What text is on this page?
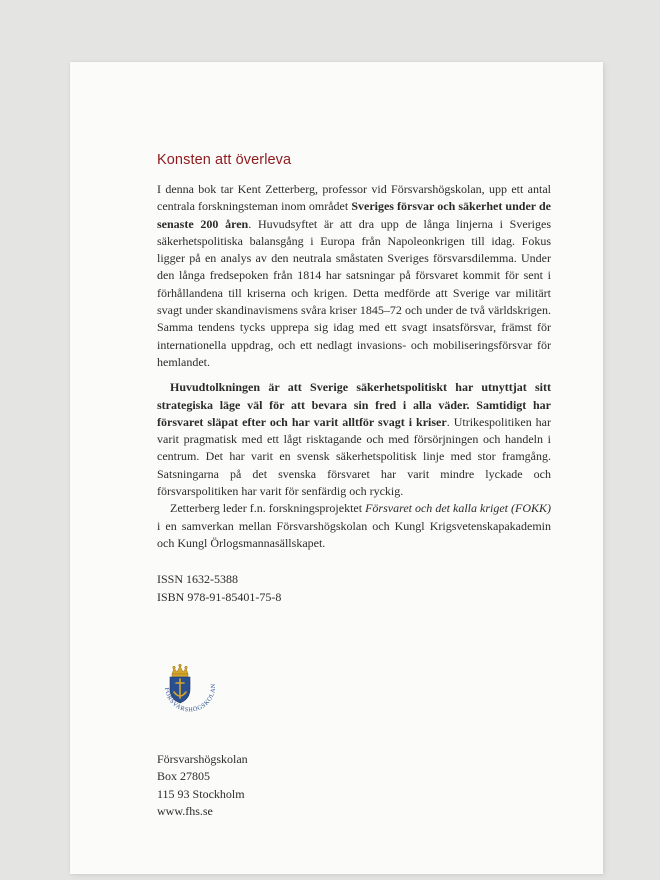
Konsten att överleva

I denna bok tar Kent Zetterberg, professor vid Försvarshögskolan, upp ett antal centrala forskningsteman inom området Sveriges försvar och säkerhet under de senaste 200 åren. Huvudsyftet är att dra upp de långa linjerna i Sveriges säkerhetspolitiska balansgång i Europa från Napoleonkrigen till idag. Fokus ligger på en analys av den neutrala småstaten Sveriges försvarsdilemma. Under den långa fredsepoken från 1814 har satsningar på försvaret kommit för sent i förhållandena till kriserna och krigen. Detta medförde att Sverige var militärt svagt under skandinavismens svåra kriser 1845–72 och under de två världskrigen. Samma tendens tycks upprepa sig idag med ett svagt insatsförsvar, främst för internationella uppdrag, och ett nedlagt invasions- och mobiliseringsförsvar för hemlandet.

Huvudtolkningen är att Sverige säkerhetspolitiskt har utnyttjat sitt strategiska läge väl för att bevara sin fred i alla väder. Samtidigt har försvaret släpat efter och har varit alltför svagt i kriser. Utrikespolitiken har varit pragmatisk med ett lågt risktagande och med försörjningen och handeln i centrum. Det har varit en svensk säkerhetspolitisk linje med stor framgång. Satsningarna på det svenska försvaret har varit mindre lyckade och försvarspolitiken har varit för senfärdig och ryckig.

Zetterberg leder f.n. forskningsprojektet Försvaret och det kalla kriget (FOKK) i en samverkan mellan Försvarshögskolan och Kungl Krigsvetenskapakademin och Kungl Örlogsmannasällskapet.

ISSN 1632-5388
ISBN 978-91-85401-75-8
FÖRSVARSHÖGSKOLAN
Försvarshögskolan
Box 27805
115 93 Stockholm
www.fhs.se
